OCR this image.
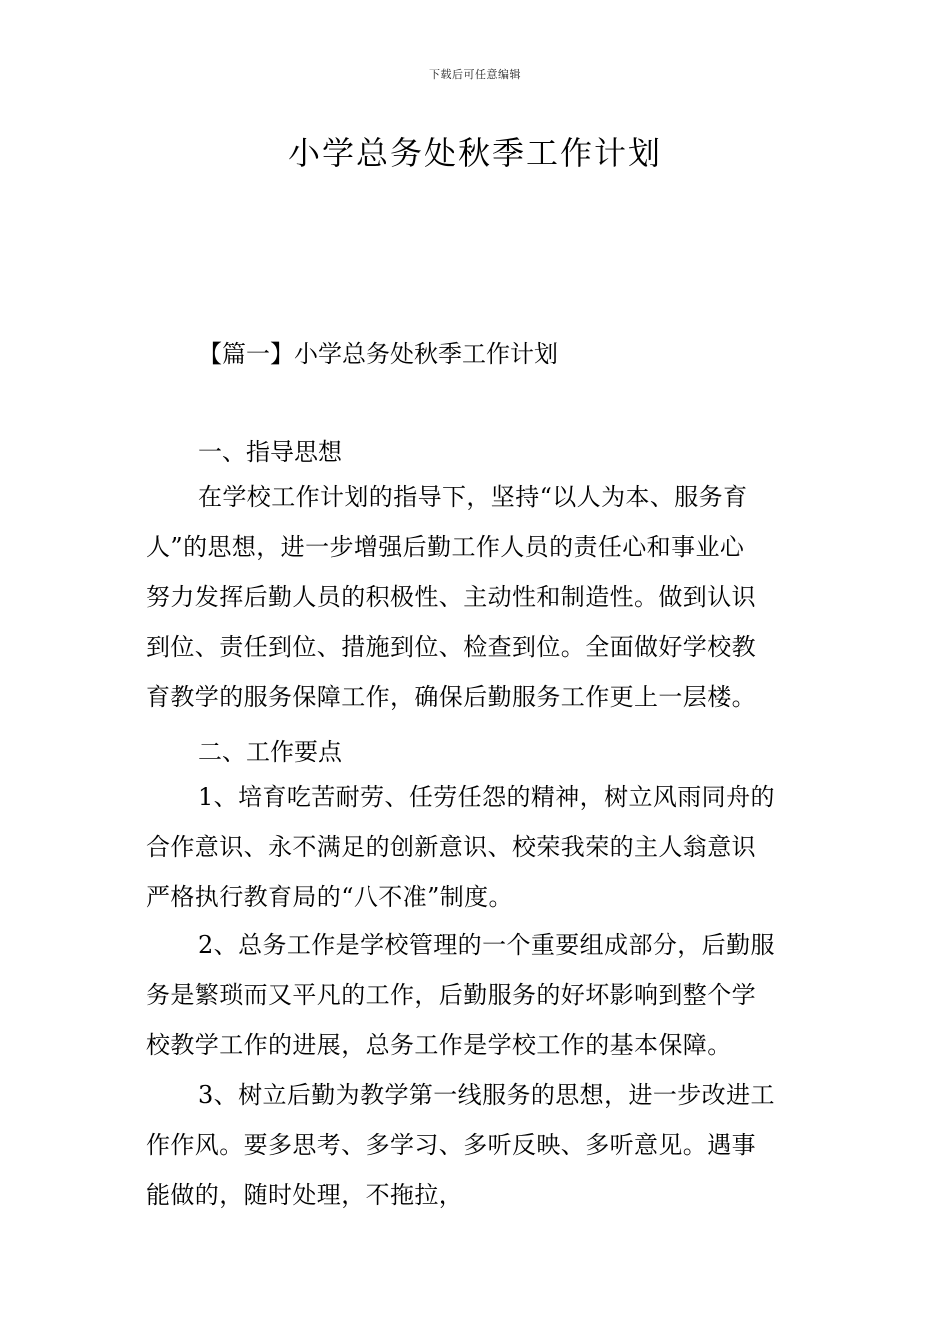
下载后可任意编辑
小学总务处秋季工作计划
【篇一】小学总务处秋季工作计划
一、指导思想

在学校工作计划的指导下，坚持“以人为本、服务育

人”的思想，进一步增强后勤工作人员的责任心和事业心
努力发挥后勤人员的积极性、主动性和制造性。做到认识
到位、责任到位、措施到位、检查到位。全面做好学校教
育教学的服务保障工作，确保后勤服务工作更上一层楼。

二、工作要点

1、培育吃苦耐劳、任劳任怨的精神，树立风雨同舟的

合作意识、永不满足的创新意识、校荣我荣的主人翁意识
严格执行教育局的“八不准”制度。

2、总务工作是学校管理的一个重要组成部分，后勤服

务是繁琐而又平凡的工作，后勤服务的好坏影响到整个学
校教学工作的进展，总务工作是学校工作的基本保障。

3、树立后勤为教学第一线服务的思想，进一步改进工

作作风。要多思考、多学习、多听反映、多听意见。遇事
能做的，随时处理，不拖拉，
